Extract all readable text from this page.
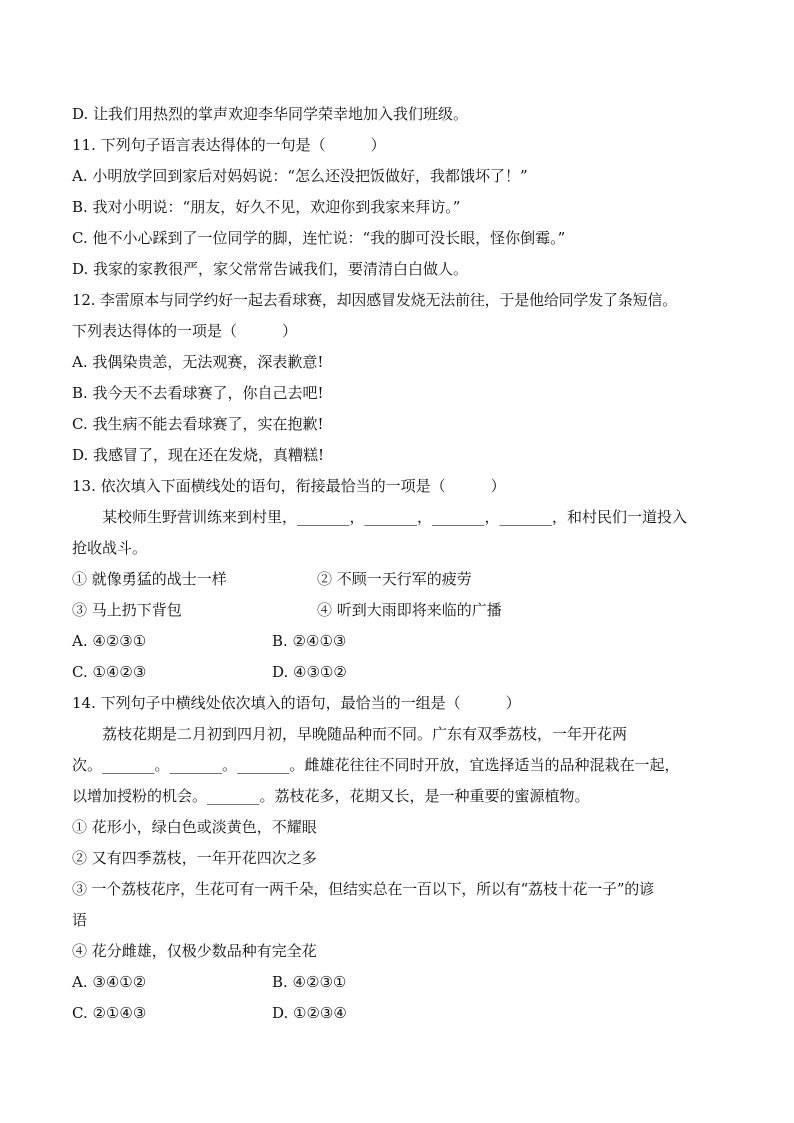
D. 让我们用热烈的掌声欢迎李华同学荣幸地加入我们班级。
11. 下列句子语言表达得体的一句是（　　　）
A. 小明放学回到家后对妈妈说：“怎么还没把饭做好，我都饿坏了！”
B. 我对小明说：“朋友，好久不见，欢迎你到我家来拜访。”
C. 他不小心踩到了一位同学的脚，连忙说：“我的脚可没长眼，怪你倒霉。”
D. 我家的家教很严，家父常常告诫我们，要清清白白做人。
12. 李雷原本与同学约好一起去看球赛，却因感冒发烧无法前往，于是他给同学发了条短信。
下列表达得体的一项是（　　　）
A. 我偶染贵恙，无法观赛，深表歉意!
B. 我今天不去看球赛了，你自己去吧!
C. 我生病不能去看球赛了，实在抱歉!
D. 我感冒了，现在还在发烧，真糟糕!
13. 依次填入下面横线处的语句，衔接最恰当的一项是（　　　）
某校师生野营训练来到村里，_______，_______，_______，_______，和村民们一道投入
抢收战斗。
① 就像勇猛的战士一样	② 不顾一天行军的疲劳
③ 马上扔下背包	④ 听到大雨即将来临的广播
A. ④②③①	B. ②④①③
C. ①④②③	D. ④③①②
14. 下列句子中横线处依次填入的语句，最恰当的一组是（　　　）
荔枝花期是二月初到四月初，早晚随品种而不同。广东有双季荔枝，一年开花两
次。_______。_______。_______。雌雄花往往不同时开放，宜选择适当的品种混栽在一起，
以增加授粉的机会。_______。荔枝花多，花期又长，是一种重要的蜜源植物。
① 花形小，绿白色或淡黄色，不耀眼
② 又有四季荔枝，一年开花四次之多
③ 一个荔枝花序，生花可有一两千朵，但结实总在一百以下，所以有“荔枝十花一子”的谚
语
④ 花分雌雄，仅极少数品种有完全花
A. ③④①②	B. ④②③①
C. ②①④③	D. ①②③④
